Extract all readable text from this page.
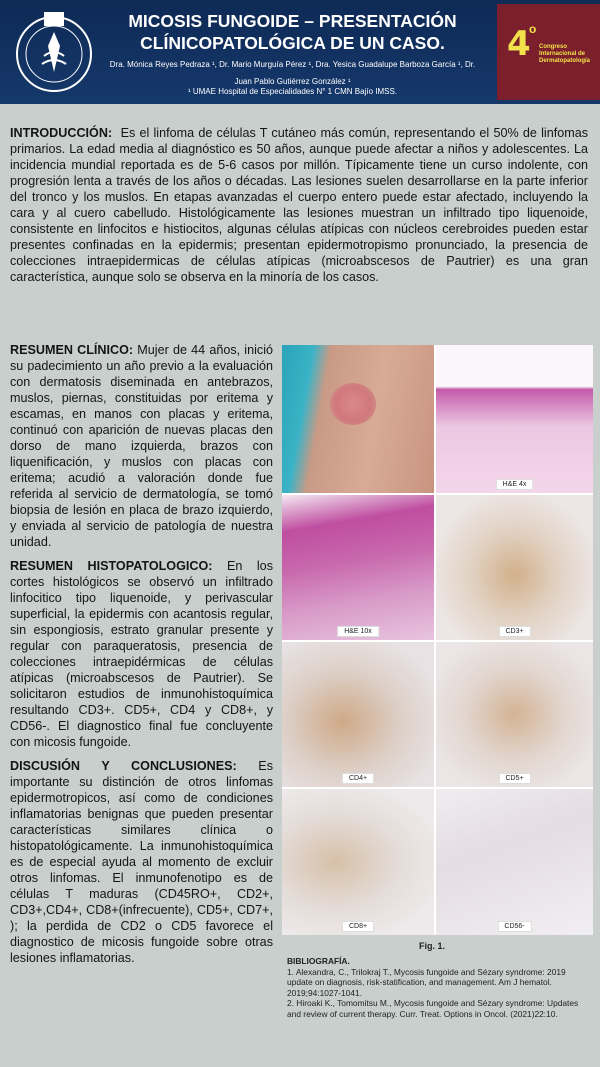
MICOSIS FUNGOIDE – PRESENTACIÓN
CLÍNICOPATOLÓGICA DE UN CASO.
Dra. Mónica Reyes Pedraza ¹, Dr. Mario Murguía Pérez ¹, Dra. Yesica Guadalupe Barboza García ¹, Dr.
Juan Pablo Gutiérrez González ¹
¹ UMAE Hospital de Especialidades N° 1 CMN Bajío IMSS.
4
o
Congreso Internacional de Dermatopatología
INTRODUCCIÓN: Es el linfoma de células T cutáneo más común, representando el 50% de linfomas primarios. La edad media al diagnóstico es 50 años, aunque puede afectar a niños y adolescentes. La incidencia mundial reportada es de 5-6 casos por millón. Típicamente tiene un curso indolente, con progresión lenta a través de los años o décadas. Las lesiones suelen desarrollarse en la parte inferior del tronco y los muslos. En etapas avanzadas el cuerpo entero puede estar afectado, incluyendo la cara y al cuero cabelludo. Histológicamente las lesiones muestran un infiltrado tipo liquenoide, consistente en linfocitos e histiocitos, algunas células atípicas con núcleos cerebroides pueden estar presentes confinadas en la epidermis; presentan epidermotropismo pronunciado, la presencia de colecciones intraepidermicas de células atípicas (microabscesos de Pautrier) es una gran característica, aunque solo se observa en la minoría de los casos.

RESUMEN CLÍNICO: Mujer de 44 años, inició su padecimiento un año previo a la evaluación con dermatosis diseminada en antebrazos, muslos, piernas, constituidas por eritema y escamas, en manos con placas y eritema, continuó con aparición de nuevas placas den dorso de mano izquierda, brazos con liquenificación, y muslos con placas con eritema; acudió a valoración donde fue referida al servicio de dermatología, se tomó biopsia de lesión en placa de brazo izquierdo, y enviada al servicio de patología de nuestra unidad.

RESUMEN HISTOPATOLOGICO: En los cortes histológicos se observó un infiltrado linfocitico tipo liquenoide, y perivascular superficial, la epidermis con acantosis regular, sin espongiosis, estrato granular presente y regular con paraqueratosis, presencia de colecciones intraepidérmicas de células atípicas (microabscesos de Pautrier). Se solicitaron estudios de inmunohistoquímica resultando CD3+. CD5+, CD4 y CD8+, y CD56-. El diagnostico final fue concluyente con micosis fungoide.

DISCUSIÓN Y CONCLUSIONES: Es importante su distinción de otros linfomas epidermotropicos, así como de condiciones inflamatorias benignas que pueden presentar características similares clínica o histopatológicamente. La inmunohistoquímica es de especial ayuda al momento de excluir otros linfomas. El inmunofenotipo es de células T maduras (CD45RO+, CD2+, CD3+,CD4+, CD8+(infrecuente), CD5+, CD7+, ); la perdida de CD2 o CD5 favorece el diagnostico de micosis fungoide sobre otras lesiones inflamatorias.

H&E 4x
H&E 10x	CD3+
CD4+	CD5+
CD8+	CD56-
Fig. 1.
BIBLIOGRAFÍA.
1. Alexandra, C., Trilokraj T., Mycosis fungoide and Sézary syndrome: 2019 update on diagnosis, risk-statification, and management. Am J hematol. 2019;94:1027-1041.
2. Hiroaki K., Tomomitsu M., Mycosis fungoide and Sézary syndrome: Updates and review of current therapy. Curr. Treat. Options in Oncol. (2021)22:10.
